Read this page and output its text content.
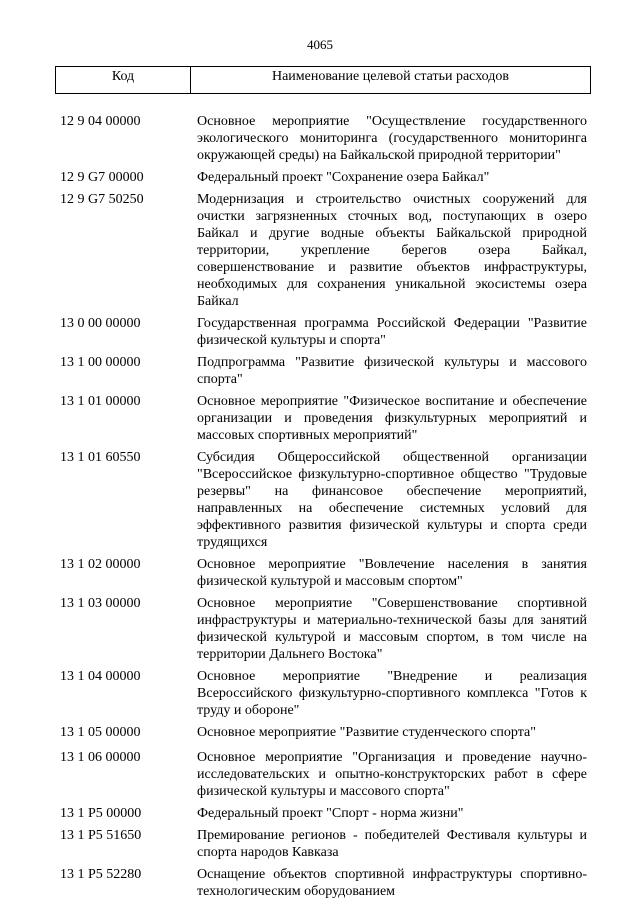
4065
Код	Наименование целевой статьи расходов
12 9 04 00000	Основное мероприятие "Осуществление государственного экологического мониторинга (государственного мониторинга окружающей среды) на Байкальской природной территории"
12 9 G7 00000	Федеральный проект "Сохранение озера Байкал"
12 9 G7 50250	Модернизация и строительство очистных сооружений для очистки загрязненных сточных вод, поступающих в озеро Байкал и другие водные объекты Байкальской природной территории, укрепление берегов озера Байкал, совершенствование и развитие объектов инфраструктуры, необходимых для сохранения уникальной экосистемы озера Байкал
13 0 00 00000	Государственная программа Российской Федерации "Развитие физической культуры и спорта"
13 1 00 00000	Подпрограмма "Развитие физической культуры и массового спорта"
13 1 01 00000	Основное мероприятие "Физическое воспитание и обеспечение организации и проведения физкультурных мероприятий и массовых спортивных мероприятий"
13 1 01 60550	Субсидия Общероссийской общественной организации "Всероссийское физкультурно-спортивное общество "Трудовые резервы" на финансовое обеспечение мероприятий, направленных на обеспечение системных условий для эффективного развития физической культуры и спорта среди трудящихся
13 1 02 00000	Основное мероприятие "Вовлечение населения в занятия физической культурой и массовым спортом"
13 1 03 00000	Основное мероприятие "Совершенствование спортивной инфраструктуры и материально-технической базы для занятий физической культурой и массовым спортом, в том числе на территории Дальнего Востока"
13 1 04 00000	Основное мероприятие "Внедрение и реализация Всероссийского физкультурно-спортивного комплекса "Готов к труду и обороне"
13 1 05 00000	Основное мероприятие "Развитие студенческого спорта"
13 1 06 00000	Основное мероприятие "Организация и проведение научно-исследовательских и опытно-конструкторских работ в сфере физической культуры и массового спорта"
13 1 P5 00000	Федеральный проект "Спорт - норма жизни"
13 1 P5 51650	Премирование регионов - победителей Фестиваля культуры и спорта народов Кавказа
13 1 P5 52280	Оснащение объектов спортивной инфраструктуры спортивно-технологическим оборудованием
